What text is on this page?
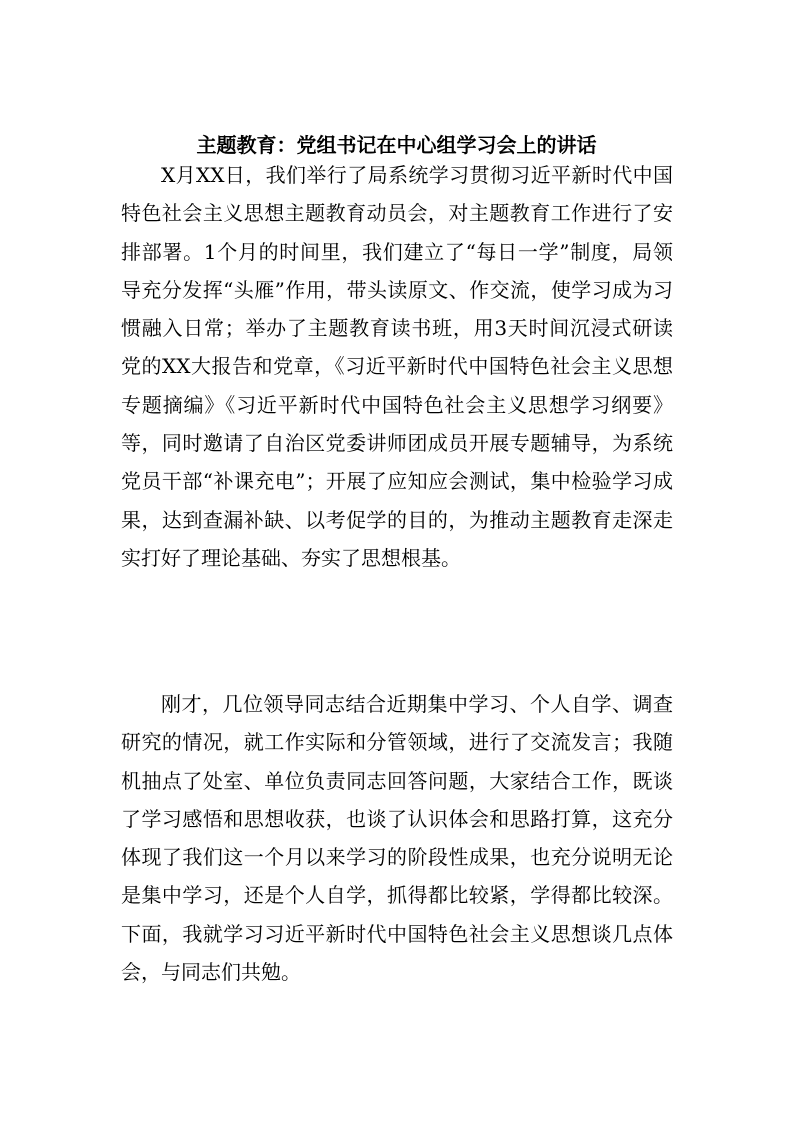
主题教育：党组书记在中心组学习会上的讲话

X月XX日，我们举行了局系统学习贯彻习近平新时代中国特色社会主义思想主题教育动员会，对主题教育工作进行了安排部署。1个月的时间里，我们建立了“每日一学”制度，局领导充分发挥“头雁”作用，带头读原文、作交流，使学习成为习惯融入日常；举办了主题教育读书班，用3天时间沉浸式研读党的XX大报告和党章，《习近平新时代中国特色社会主义思想专题摘编》《习近平新时代中国特色社会主义思想学习纲要》等，同时邀请了自治区党委讲师团成员开展专题辅导，为系统党员干部“补课充电”；开展了应知应会测试，集中检验学习成果，达到查漏补缺、以考促学的目的，为推动主题教育走深走实打好了理论基础、夯实了思想根基。

刚才，几位领导同志结合近期集中学习、个人自学、调查研究的情况，就工作实际和分管领域，进行了交流发言；我随机抽点了处室、单位负责同志回答问题，大家结合工作，既谈了学习感悟和思想收获，也谈了认识体会和思路打算，这充分体现了我们这一个月以来学习的阶段性成果，也充分说明无论是集中学习，还是个人自学，抓得都比较紧，学得都比较深。下面，我就学习习近平新时代中国特色社会主义思想谈几点体会，与同志们共勉。
